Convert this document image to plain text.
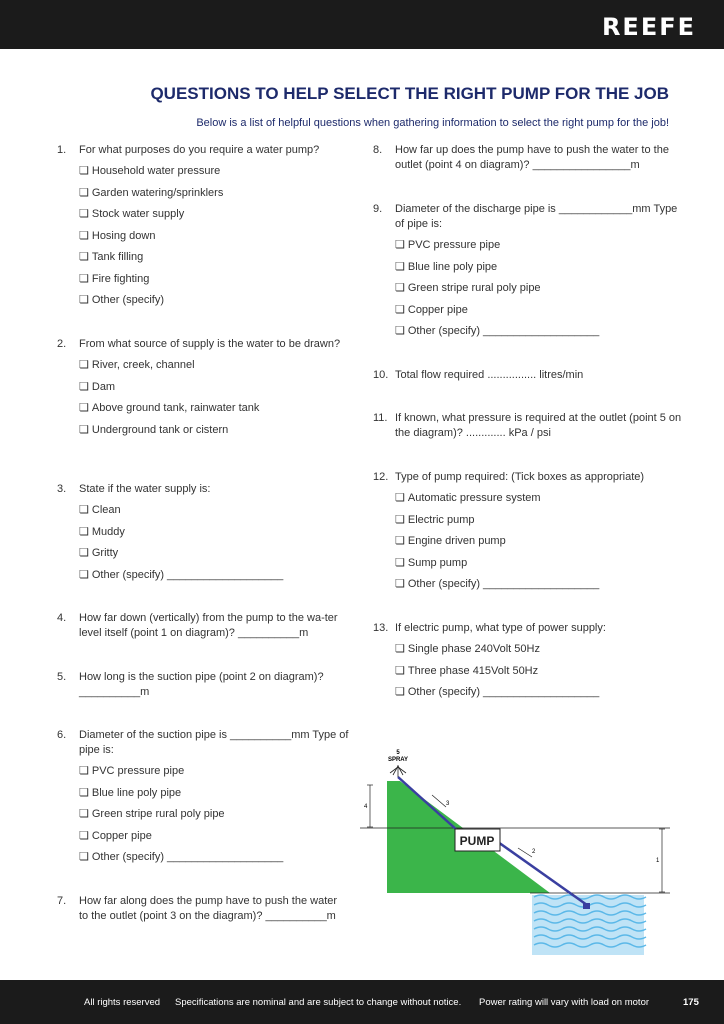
REEFE
QUESTIONS TO HELP SELECT THE RIGHT PUMP FOR THE JOB
Below is a list of helpful questions when gathering information to select the right pump for the job!
1. For what purposes do you require a water pump?
❏ Household water pressure
❏ Garden watering/sprinklers
❏ Stock water supply
❏ Hosing down
❏ Tank filling
❏ Fire fighting
❏ Other (specify)
2. From what source of supply is the water to be drawn?
❏ River, creek, channel
❏ Dam
❏ Above ground tank, rainwater tank
❏ Underground tank or cistern
3. State if the water supply is:
❏ Clean
❏ Muddy
❏ Gritty
❏ Other (specify) ___________________
4. How far down (vertically) from the pump to the wa-ter level itself (point 1 on diagram)? __________m
5. How long is the suction pipe (point 2 on diagram)? __________m
6. Diameter of the suction pipe is __________mm Type of pipe is:
❏ PVC pressure pipe
❏ Blue line poly pipe
❏ Green stripe rural poly pipe
❏ Copper pipe
❏ Other (specify) ___________________
7. How far along does the pump have to push the water to the outlet (point 3 on the diagram)? __________m
8. How far up does the pump have to push the water to the outlet (point 4 on diagram)? ________________m
9. Diameter of the discharge pipe is ____________mm Type of pipe is:
❏ PVC pressure pipe
❏ Blue line poly pipe
❏ Green stripe rural poly pipe
❏ Copper pipe
❏ Other (specify) ___________________
10. Total flow required ................ litres/min
11. If known, what pressure is required at the outlet (point 5 on the diagram)? ............. kPa / psi
12. Type of pump required: (Tick boxes as appropriate)
❏ Automatic pressure system
❏ Electric pump
❏ Engine driven pump
❏ Sump pump
❏ Other (specify) ___________________
13. If electric pump, what type of power supply:
❏ Single phase 240Volt 50Hz
❏ Three phase 415Volt 50Hz
❏ Other (specify) ___________________
5
SPRAY
PUMP
4	3
2
1
All rights reserved Specifications are nominal and are subject to change without notice. Power rating will vary with load on motor	175
